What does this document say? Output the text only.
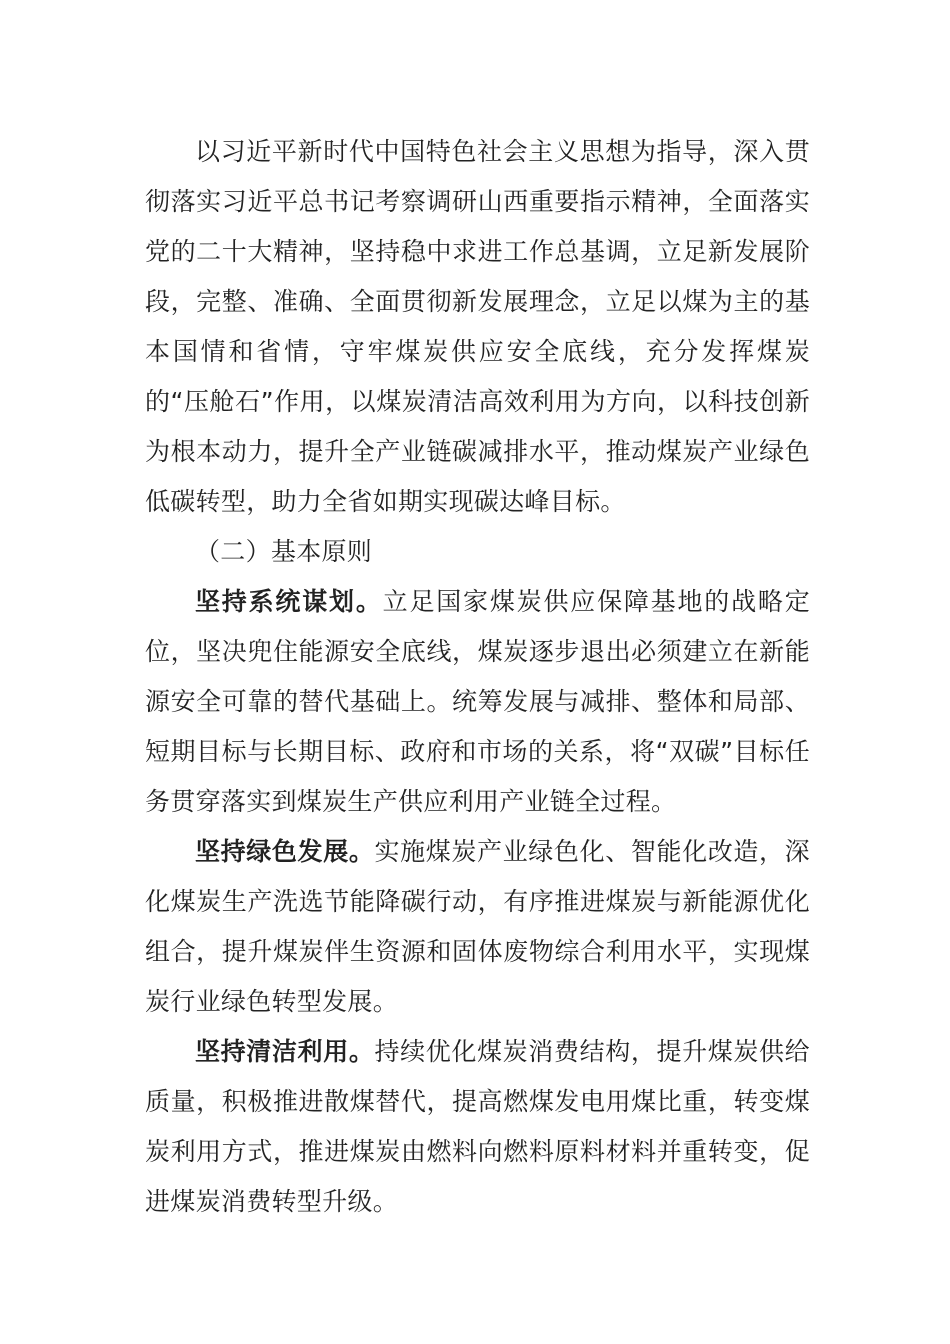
以习近平新时代中国特色社会主义思想为指导，深入贯彻落实习近平总书记考察调研山西重要指示精神，全面落实党的二十大精神，坚持稳中求进工作总基调，立足新发展阶段，完整、准确、全面贯彻新发展理念，立足以煤为主的基本国情和省情，守牢煤炭供应安全底线，充分发挥煤炭的“压舱石”作用，以煤炭清洁高效利用为方向，以科技创新为根本动力，提升全产业链碳减排水平，推动煤炭产业绿色低碳转型，助力全省如期实现碳达峰目标。

（二）基本原则

坚持系统谋划。立足国家煤炭供应保障基地的战略定位，坚决兜住能源安全底线，煤炭逐步退出必须建立在新能源安全可靠的替代基础上。统筹发展与减排、整体和局部、短期目标与长期目标、政府和市场的关系，将“双碳”目标任务贯穿落实到煤炭生产供应利用产业链全过程。

坚持绿色发展。实施煤炭产业绿色化、智能化改造，深化煤炭生产洗选节能降碳行动，有序推进煤炭与新能源优化组合，提升煤炭伴生资源和固体废物综合利用水平，实现煤炭行业绿色转型发展。

坚持清洁利用。持续优化煤炭消费结构，提升煤炭供给质量，积极推进散煤替代，提高燃煤发电用煤比重，转变煤炭利用方式，推进煤炭由燃料向燃料原料材料并重转变，促进煤炭消费转型升级。
